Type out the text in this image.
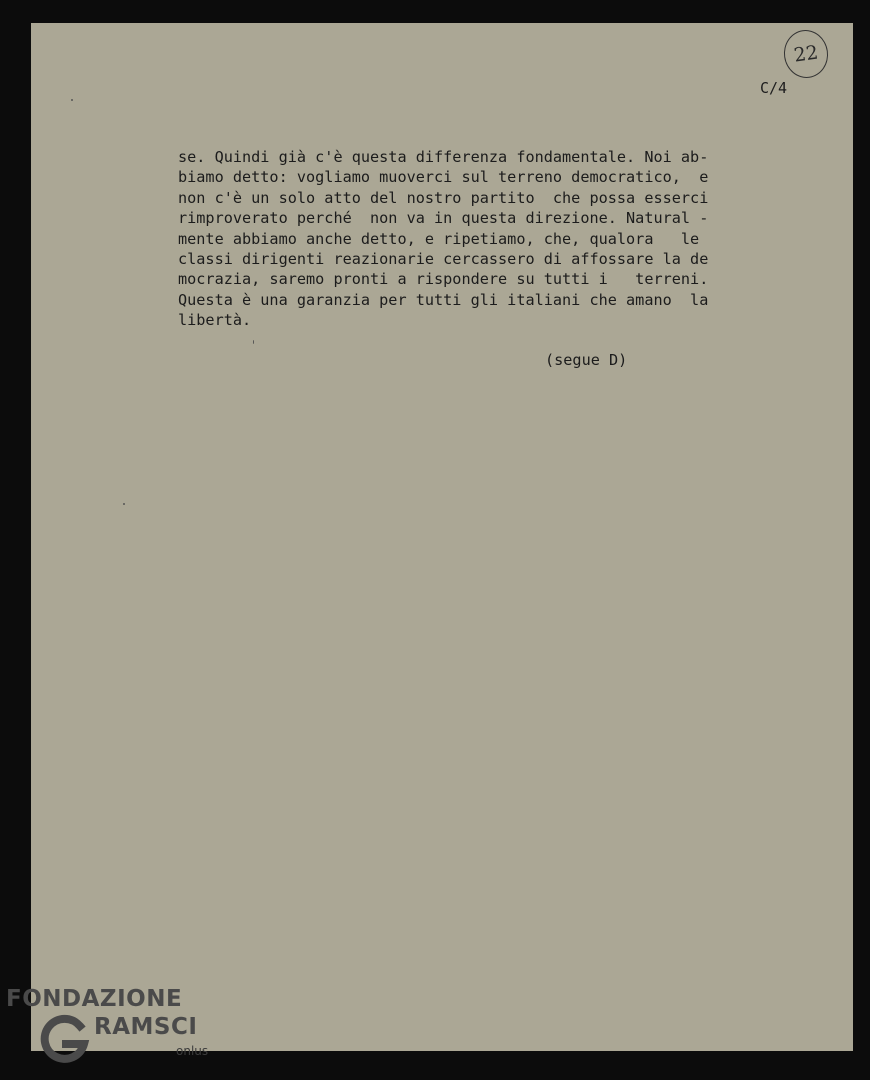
22
C/4
se. Quindi già c'è questa differenza fondamentale. Noi ab-
biamo detto: vogliamo muoverci sul terreno democratico,  e
non c'è un solo atto del nostro partito  che possa esserci
rimproverato perché  non va in questa direzione. Natural -
mente abbiamo anche detto, e ripetiamo, che, qualora   le
classi dirigenti reazionarie cercassero di affossare la de
mocrazia, saremo pronti a rispondere su tutti i   terreni.
Questa è una garanzia per tutti gli italiani che amano  la
libertà.
(segue D)
FONDAZIONE
RAMSCI
onlus
